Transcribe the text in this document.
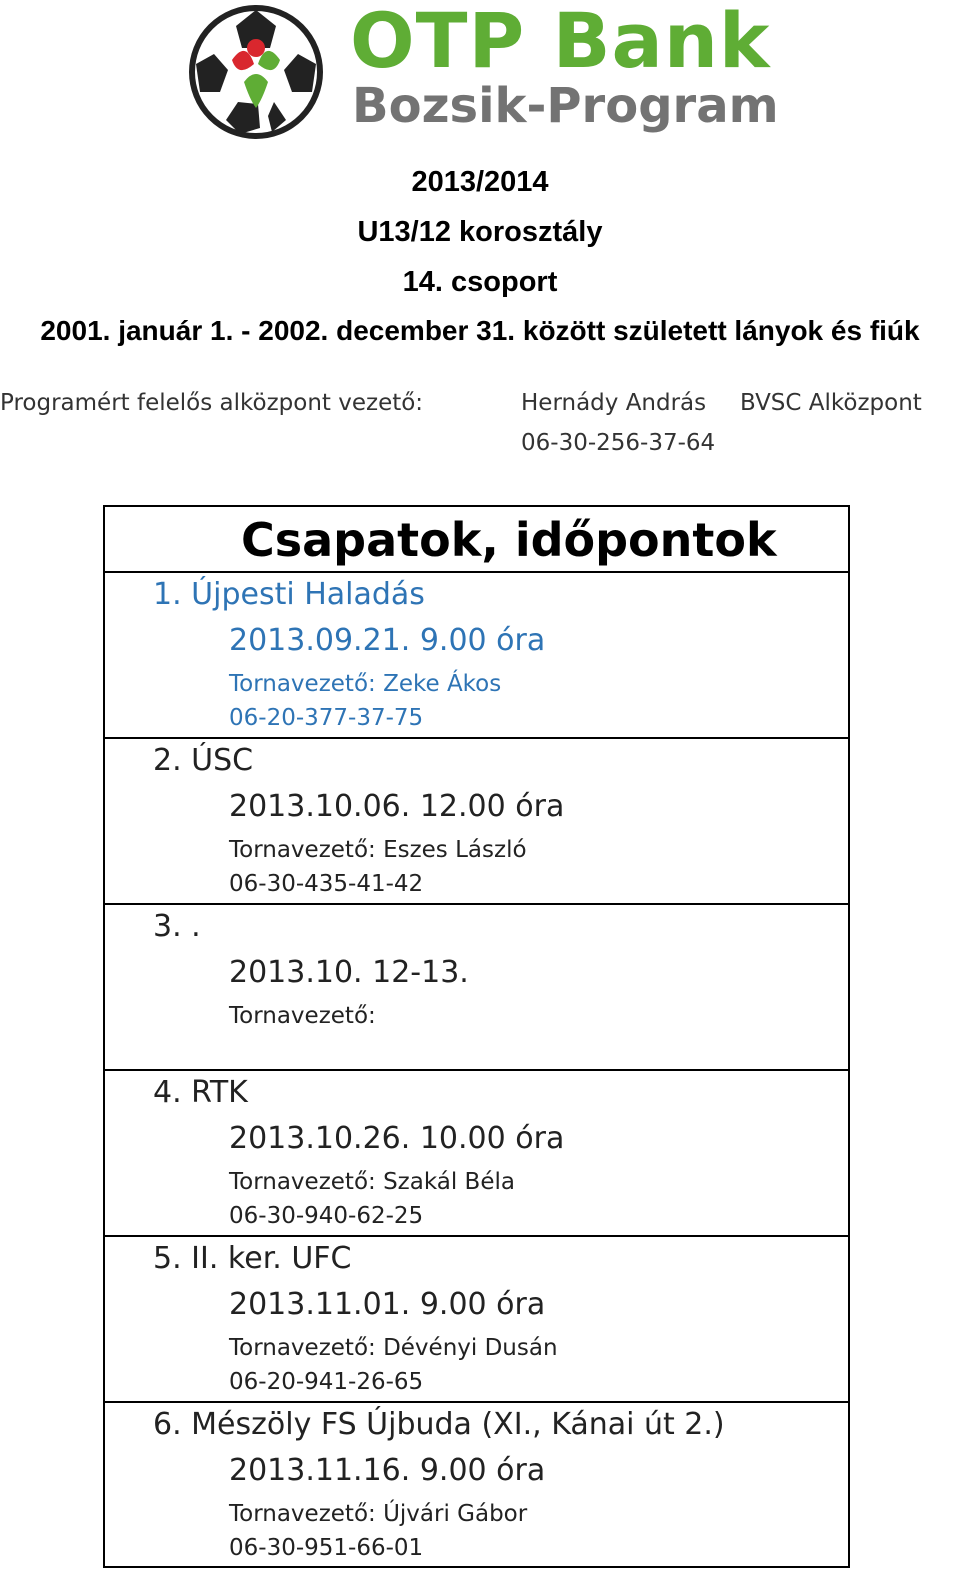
OTP Bank
Bozsik-Program
2013/2014
U13/12 korosztály
14. csoport
2001. január 1. - 2002. december 31. között született lányok és fiúk
Programért felelős alközpont vezető:	Hernády András BVSC Alközpont
06-30-256-37-64
Csapatok, időpontok
1. Újpesti Haladás
2013.09.21. 9.00 óra
Tornavezető: Zeke Ákos
06-20-377-37-75
2. ÚSC
2013.10.06. 12.00 óra
Tornavezető: Eszes László
06-30-435-41-42
3. .
2013.10. 12-13.
Tornavezető:
4. RTK
2013.10.26. 10.00 óra
Tornavezető: Szakál Béla
06-30-940-62-25
5. II. ker. UFC
2013.11.01. 9.00 óra
Tornavezető: Dévényi Dusán
06-20-941-26-65
6. Mészöly FS Újbuda (XI., Kánai út 2.)
2013.11.16. 9.00 óra
Tornavezető: Újvári Gábor
06-30-951-66-01
